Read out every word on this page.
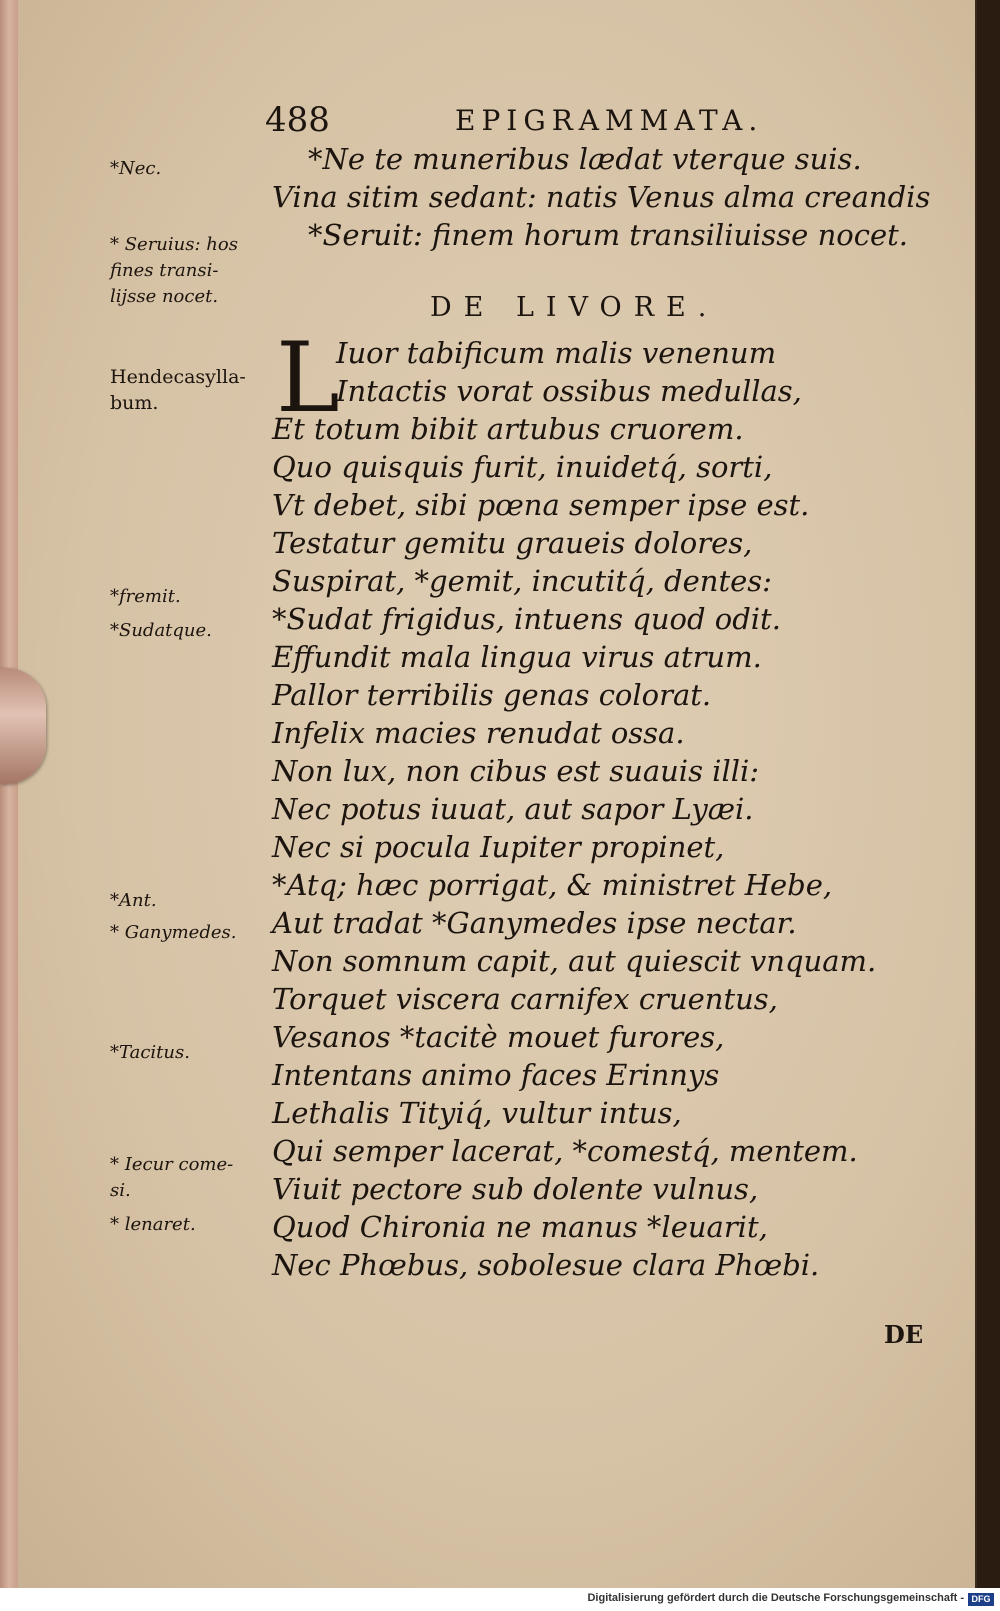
488	EPIGRAMMATA.
*Ne te muneribus lædat vterque suis.
Vina sitim sedant: natis Venus alma creandis
*Seruit: finem horum transiliuisse nocet.
DE LIVORE.
L
Iuor tabificum malis venenum
Intactis vorat ossibus medullas,
Et totum bibit artubus cruorem.
Quo quisquis furit, inuidetq́, sorti,
Vt debet, sibi pœna semper ipse est.
Testatur gemitu graueis dolores,
Suspirat, *gemit, incutitq́, dentes:
*Sudat frigidus, intuens quod odit.
Effundit mala lingua virus atrum.
Pallor terribilis genas colorat.
Infelix macies renudat ossa.
Non lux, non cibus est suauis illi:
Nec potus iuuat, aut sapor Lyæi.
Nec si pocula Iupiter propinet,
*Atq; hæc porrigat, & ministret Hebe,
Aut tradat *Ganymedes ipse nectar.
Non somnum capit, aut quiescit vnquam.
Torquet viscera carnifex cruentus,
Vesanos *tacitè mouet furores,
Intentans animo faces Erinnys
Lethalis Tityiq́, vultur intus,
Qui semper lacerat, *comestq́, mentem.
Viuit pectore sub dolente vulnus,
Quod Chironia ne manus *leuarit,
Nec Phœbus, sobolesue clara Phœbi.
*Nec.
* Seruius: hos
fines transi-
lijsse nocet.
Hendecasylla-
bum.
*fremit.
*Sudatque.
*Ant.
* Ganymedes.
*Tacitus.
* Iecur come-
si.
* lenaret.
DE
Digitalisierung gefördert durch die Deutsche Forschungsgemeinschaft - DFG
